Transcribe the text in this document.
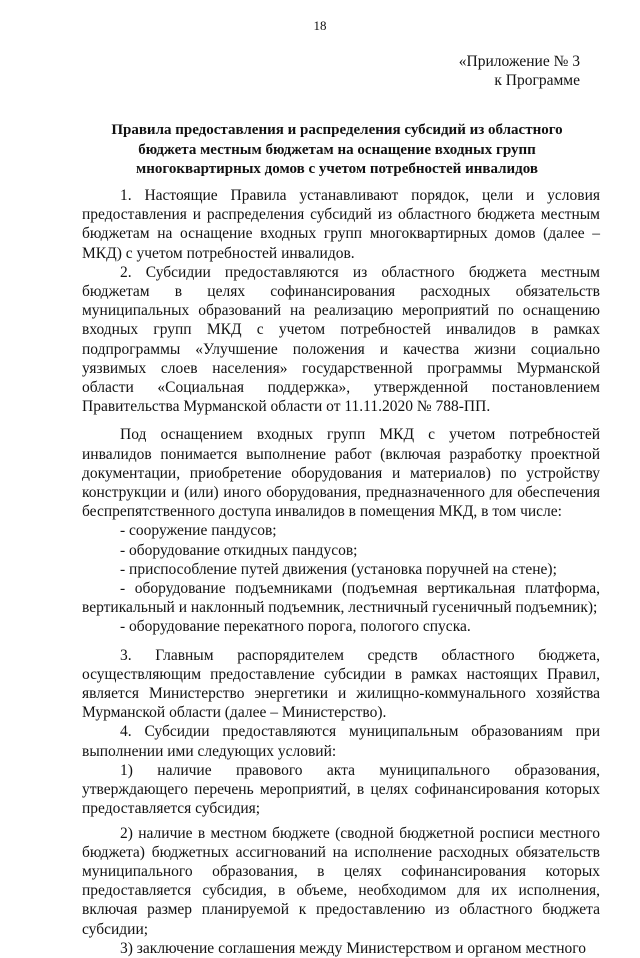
18
«Приложение № 3
к Программе
Правила предоставления и распределения субсидий из областного
бюджета местным бюджетам на оснащение входных групп
многоквартирных домов с учетом потребностей инвалидов

1. Настоящие Правила устанавливают порядок, цели и условия предоставления и распределения субсидий из областного бюджета местным бюджетам на оснащение входных групп многоквартирных домов (далее – МКД) с учетом потребностей инвалидов.

2. Субсидии предоставляются из областного бюджета местным бюджетам в целях софинансирования расходных обязательств муниципальных образований на реализацию мероприятий по оснащению входных групп МКД с учетом потребностей инвалидов в рамках подпрограммы «Улучшение положения и качества жизни социально уязвимых слоев населения» государственной программы Мурманской области «Социальная поддержка», утвержденной постановлением Правительства Мурманской области от 11.11.2020 № 788-ПП.

Под оснащением входных групп МКД с учетом потребностей инвалидов понимается выполнение работ (включая разработку проектной документации, приобретение оборудования и материалов) по устройству конструкции и (или) иного оборудования, предназначенного для обеспечения беспрепятственного доступа инвалидов в помещения МКД, в том числе:

- сооружение пандусов;

- оборудование откидных пандусов;

- приспособление путей движения (установка поручней на стене);

- оборудование подъемниками (подъемная вертикальная платформа, вертикальный и наклонный подъемник, лестничный гусеничный подъемник);

- оборудование перекатного порога, пологого спуска.

3. Главным распорядителем средств областного бюджета, осуществляющим предоставление субсидии в рамках настоящих Правил, является Министерство энергетики и жилищно-коммунального хозяйства Мурманской области (далее – Министерство).

4. Субсидии предоставляются муниципальным образованиям при выполнении ими следующих условий:

1) наличие правового акта муниципального образования, утверждающего перечень мероприятий, в целях софинансирования которых предоставляется субсидия;

2) наличие в местном бюджете (сводной бюджетной росписи местного бюджета) бюджетных ассигнований на исполнение расходных обязательств муниципального образования, в целях софинансирования которых предоставляется субсидия, в объеме, необходимом для их исполнения, включая размер планируемой к предоставлению из областного бюджета субсидии;

3) заключение соглашения между Министерством и органом местного
